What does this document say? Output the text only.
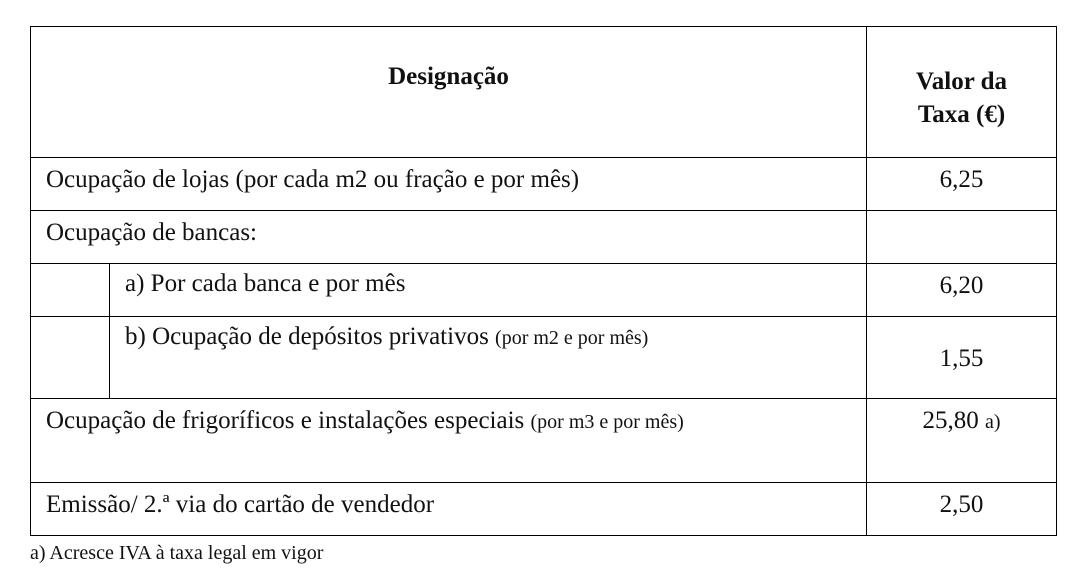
Designação		Valor da
Taxa (€)
Ocupação de lojas (por cada m2 ou fração e por mês)		6,25
Ocupação de bancas:		
	a) Por cada banca e por mês	6,20
	b) Ocupação de depósitos privativos (por m2 e por mês)	1,55
Ocupação de frigoríficos e instalações especiais (por m3 e por mês)		25,80 a)
Emissão/ 2.ª via do cartão de vendedor		2,50
a) Acresce IVA à taxa legal em vigor
